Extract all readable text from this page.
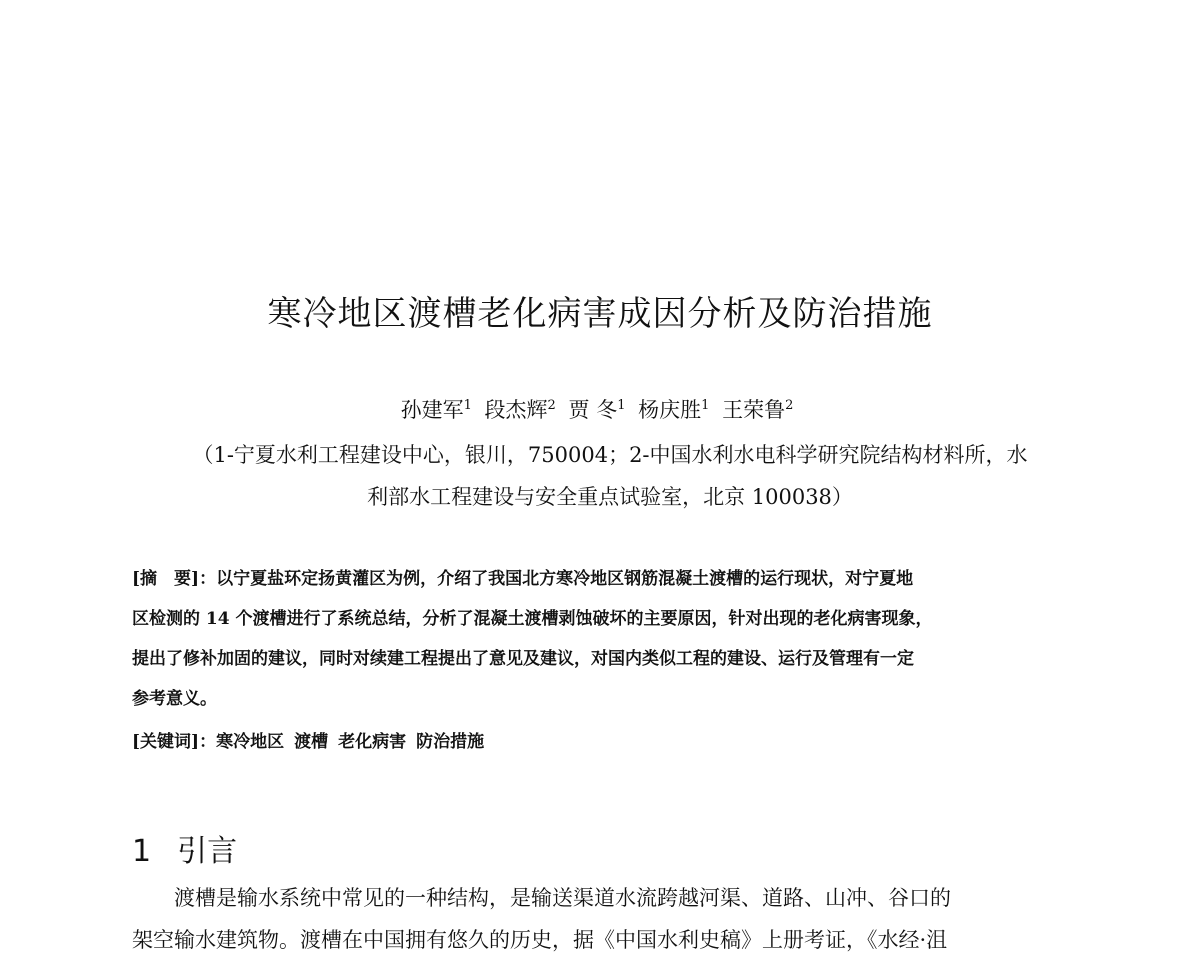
寒冷地区渡槽老化病害成因分析及防治措施
孙建军$^1$ 段杰辉$^2$ 贾 冬$^1$ 杨庆胜$^1$ 王荣鲁$^2$
（1-宁夏水利工程建设中心，银川，750004；2-中国水利水电科学研究院结构材料所，水
利部水工程建设与安全重点试验室，北京 100038）
[摘　要]：以宁夏盐环定扬黄灌区为例，介绍了我国北方寒冷地区钢筋混凝土渡槽的运行现状，对宁夏地
区检测的 14 个渡槽进行了系统总结，分析了混凝土渡槽剥蚀破坏的主要原因，针对出现的老化病害现象，
提出了修补加固的建议，同时对续建工程提出了意见及建议，对国内类似工程的建设、运行及管理有一定
参考意义。
[关键词]：寒冷地区 渡槽 老化病害 防治措施
1 引言
渡槽是输水系统中常见的一种结构，是输送渠道水流跨越河渠、道路、山冲、谷口的
架空输水建筑物。渡槽在中国拥有悠久的历史，据《中国水利史稿》上册考证，《水经·沮
